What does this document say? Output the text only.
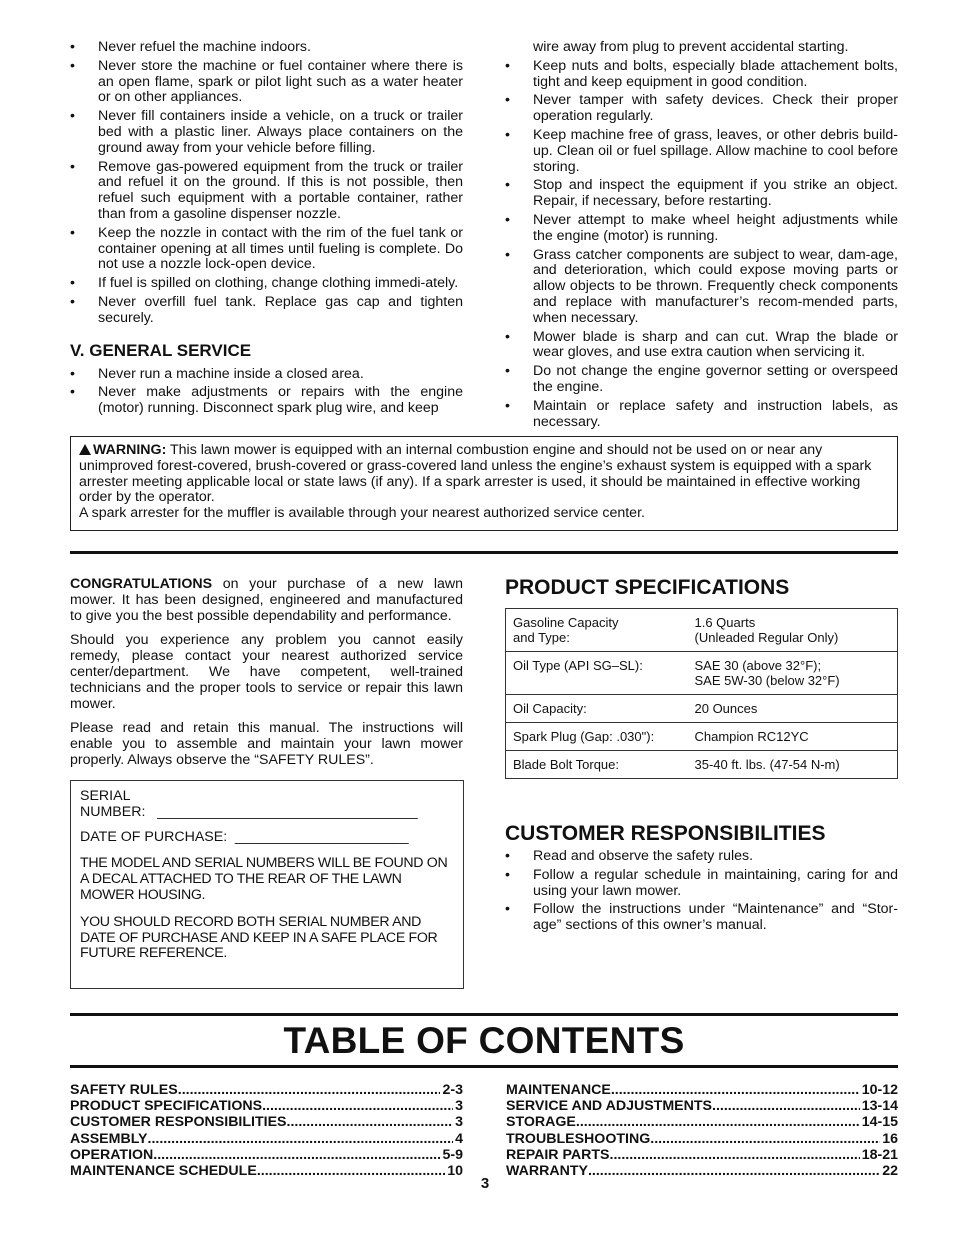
• Never refuel the machine indoors.
• Never store the machine or fuel container where there is an open flame, spark or pilot light such as a water heater or on other appliances.
• Never fill containers inside a vehicle, on a truck or trailer bed with a plastic liner. Always place containers on the ground away from your vehicle before filling.
• Remove gas-powered equipment from the truck or trailer and refuel it on the ground. If this is not possible, then refuel such equipment with a portable container, rather than from a gasoline dispenser nozzle.
• Keep the nozzle in contact with the rim of the fuel tank or container opening at all times until fueling is complete. Do not use a nozzle lock-open device.
• If fuel is spilled on clothing, change clothing immedi-ately.
• Never overfill fuel tank. Replace gas cap and tighten securely.
V. GENERAL SERVICE
• Never run a machine inside a closed area.
• Never make adjustments or repairs with the engine (motor) running. Disconnect spark plug wire, and keep
wire away from plug to prevent accidental starting.
• Keep nuts and bolts, especially blade attachement bolts, tight and keep equipment in good condition.
• Never tamper with safety devices. Check their proper operation regularly.
• Keep machine free of grass, leaves, or other debris build-up. Clean oil or fuel spillage. Allow machine to cool before storing.
• Stop and inspect the equipment if you strike an object. Repair, if necessary, before restarting.
• Never attempt to make wheel height adjustments while the engine (motor) is running.
• Grass catcher components are subject to wear, dam-age, and deterioration, which could expose moving parts or allow objects to be thrown. Frequently check components and replace with manufacturer’s recom-mended parts, when necessary.
• Mower blade is sharp and can cut. Wrap the blade or wear gloves, and use extra caution when servicing it.
• Do not change the engine governor setting or overspeed the engine.
• Maintain or replace safety and instruction labels, as necessary.
WARNING: This lawn mower is equipped with an internal combustion engine and should not be used on or near any unimproved forest-covered, brush-covered or grass-covered land unless the engine’s exhaust system is equipped with a spark arrester meeting applicable local or state laws (if any). If a spark arrester is used, it should be maintained in effective working order by the operator.
A spark arrester for the muffler is available through your nearest authorized service center.

CONGRATULATIONS on your purchase of a new lawn mower. It has been designed, engineered and manufactured to give you the best possible dependability and performance.

Should you experience any problem you cannot easily remedy, please contact your nearest authorized service center/department. We have competent, well-trained technicians and the proper tools to service or repair this lawn mower.

Please read and retain this manual. The instructions will enable you to assemble and maintain your lawn mower properly. Always observe the “SAFETY RULES”.

SERIAL
NUMBER: _________________________________

DATE OF PURCHASE: ______________________

THE MODEL AND SERIAL NUMBERS WILL BE FOUND ON A DECAL ATTACHED TO THE REAR OF THE LAWN MOWER HOUSING.

YOU SHOULD RECORD BOTH SERIAL NUMBER AND DATE OF PURCHASE AND KEEP IN A SAFE PLACE FOR FUTURE REFERENCE.

PRODUCT SPECIFICATIONS
Gasoline Capacity
and Type:	1.6 Quarts
(Unleaded Regular Only)
Oil Type (API SG–SL):	SAE 30 (above 32°F);
SAE 5W-30 (below 32°F)
Oil Capacity:	20 Ounces
Spark Plug (Gap: .030"):	Champion RC12YC
Blade Bolt Torque:	35-40 ft. lbs. (47-54 N-m)
CUSTOMER RESPONSIBILITIES
• Read and observe the safety rules.
• Follow a regular schedule in maintaining, caring for and using your lawn mower.
• Follow the instructions under “Maintenance” and “Stor-age” sections of this owner’s manual.
TABLE OF CONTENTS
SAFETY RULES .....	2-3
PRODUCT SPECIFICATIONS .....	3
CUSTOMER RESPONSIBILITIES .....	3
ASSEMBLY .....	4
OPERATION .....	5-9
MAINTENANCE SCHEDULE .....	10
MAINTENANCE .....	10-12
SERVICE AND ADJUSTMENTS .....	13-14
STORAGE .....	14-15
TROUBLESHOOTING .....	16
REPAIR PARTS .....	18-21
WARRANTY .....	22
3
